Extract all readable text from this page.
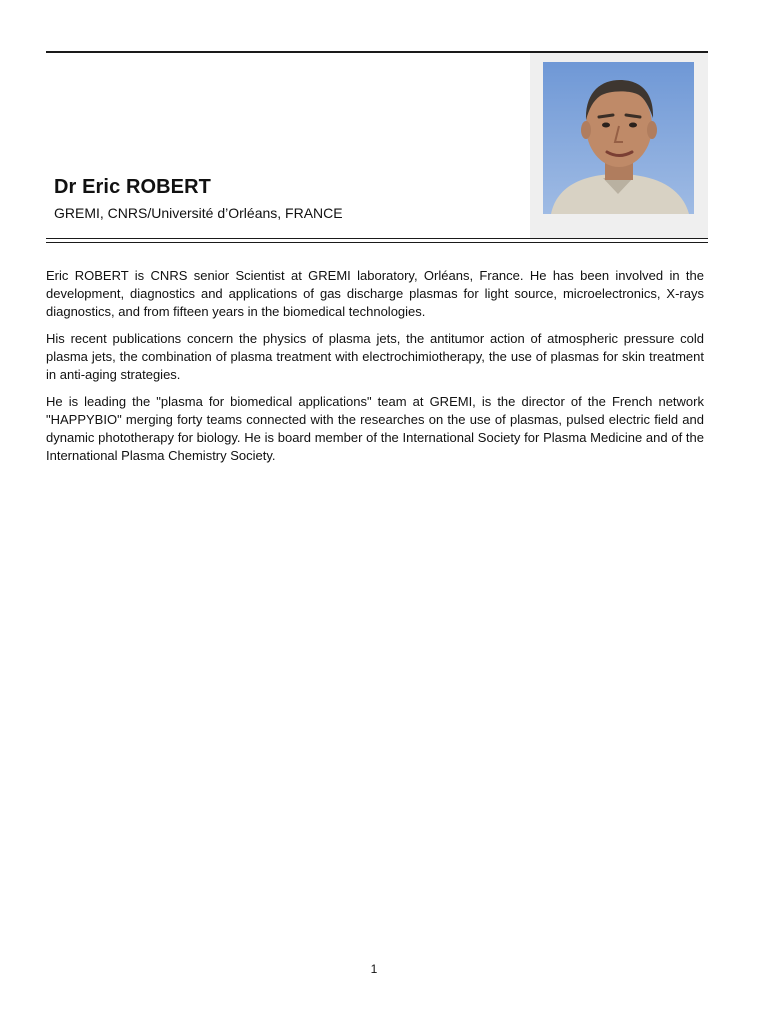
Dr Eric ROBERT
GREMI, CNRS/Université d’Orléans, FRANCE

Eric ROBERT is CNRS senior Scientist at GREMI laboratory, Orléans, France. He has been involved in the development, diagnostics and applications of gas discharge plasmas for light source, microelectronics, X-rays diagnostics, and from fifteen years in the biomedical technologies.

His recent publications concern the physics of plasma jets, the antitumor action of atmospheric pressure cold plasma jets, the combination of plasma treatment with electrochimiotherapy, the use of plasmas for skin treatment in anti-aging strategies.

He is leading the "plasma for biomedical applications" team at GREMI, is the director of the French network "HAPPYBIO" merging forty teams connected with the researches on the use of plasmas, pulsed electric field and dynamic phototherapy for biology. He is board member of the International Society for Plasma Medicine and of the International Plasma Chemistry Society.

1
